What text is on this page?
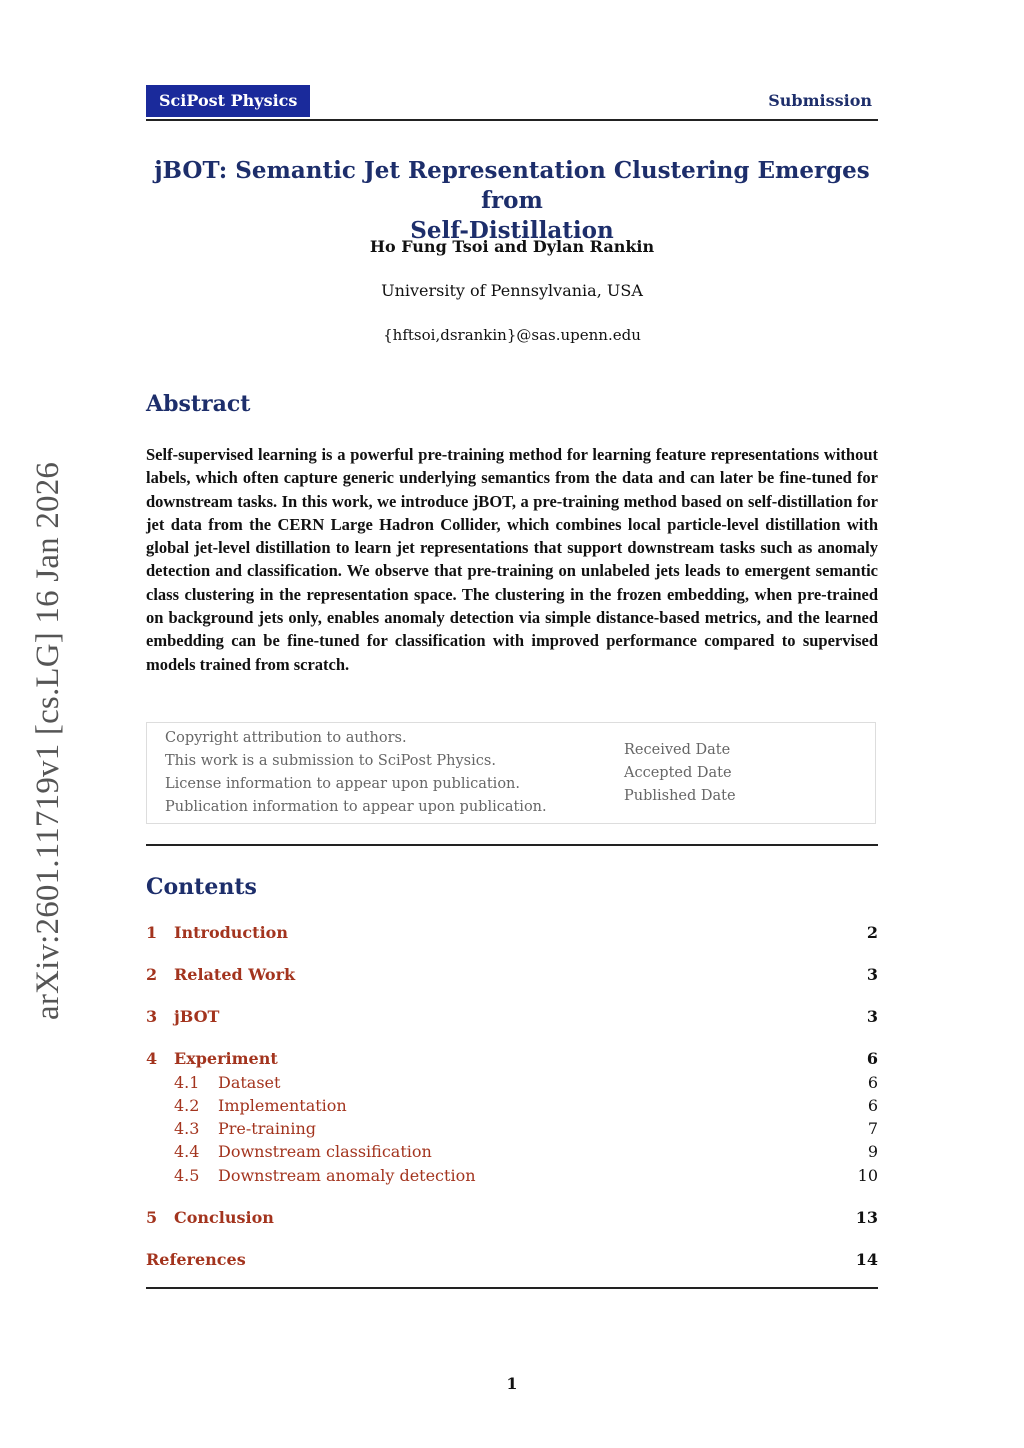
arXiv:2601.11719v1 [cs.LG] 16 Jan 2026
SciPost Physics	Submission
jBOT: Semantic Jet Representation Clustering Emerges from
Self-Distillation
Ho Fung Tsoi and Dylan Rankin
University of Pennsylvania, USA
{hftsoi,dsrankin}@sas.upenn.edu
Abstract
Self-supervised learning is a powerful pre-training method for learning feature representations without labels, which often capture generic underlying semantics from the data and can later be fine-tuned for downstream tasks. In this work, we introduce jBOT, a pre-training method based on self-distillation for jet data from the CERN Large Hadron Collider, which combines local particle-level distillation with global jet-level distillation to learn jet representations that support downstream tasks such as anomaly detection and classification. We observe that pre-training on unlabeled jets leads to emergent semantic class clustering in the representation space. The clustering in the frozen embedding, when pre-trained on background jets only, enables anomaly detection via simple distance-based metrics, and the learned embedding can be fine-tuned for classification with improved performance compared to supervised models trained from scratch.
Copyright attribution to authors.
This work is a submission to SciPost Physics.
License information to appear upon publication.
Publication information to appear upon publication.
Received Date
Accepted Date
Published Date
Contents
1 Introduction	2
2 Related Work	3
3 jBOT	3
4 Experiment	6
4.1 Dataset	6
4.2 Implementation	6
4.3 Pre-training	7
4.4 Downstream classification	9
4.5 Downstream anomaly detection	10
5 Conclusion	13
References	14
1
